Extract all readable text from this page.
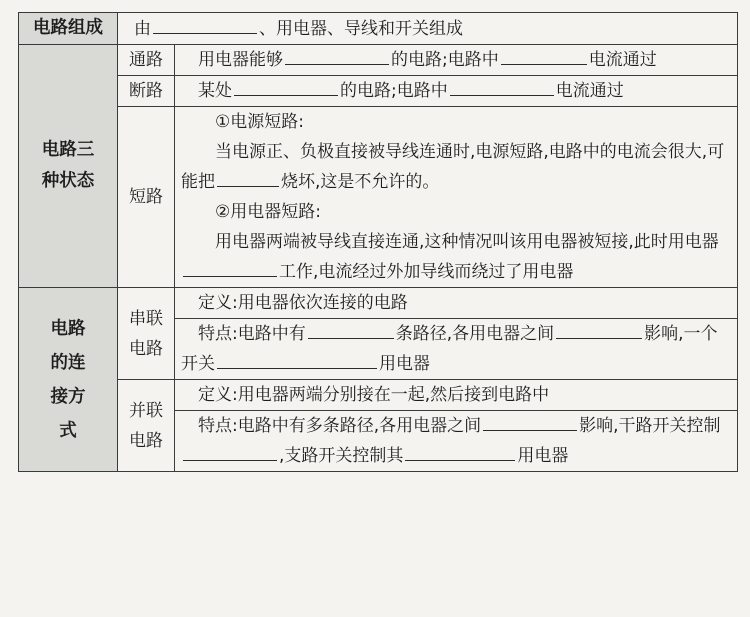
电路组成	由 、用电器、导线和开关组成	
电路三种状态	通路	用电器能够 的电路;电路中 电流通过
	断路	某处 的电路;电路中 电流通过
	短路	①电源短路:
当电源正、负极直接被导线连通时,电源短路,电路中的电流会很大,可能把 烧坏,这是不允许的。
②用电器短路:
用电器两端被导线直接连通,这种情况叫该用电器被短接,此时用电器工作,电流经过外加导线而绕过了用电器

电路的连接方式	串联电路	定义:用电器依次连接的电路

		特点:电路中有 条路径,各用电器之间 影响,一个开关 用电器

	并联电路	定义:用电器两端分别接在一起,然后接到电路中

		特点:电路中有多条路径,各用电器之间 影响,干路开关控制,支路开关控制其 用电器
